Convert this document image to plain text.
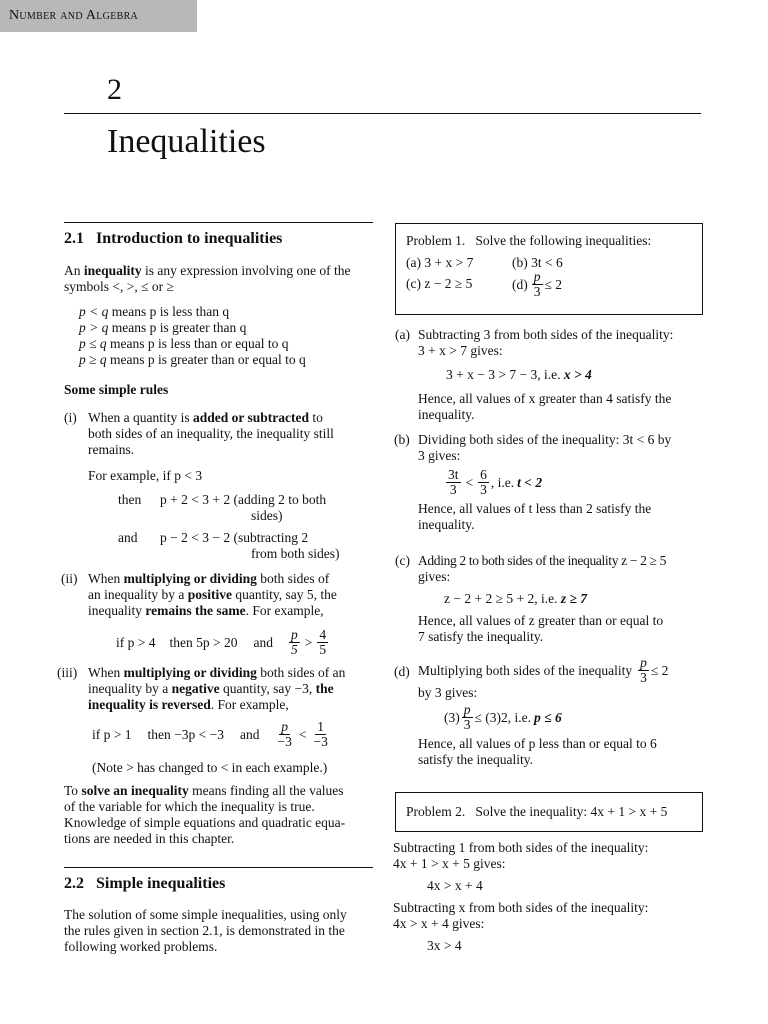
Number and Algebra
2
Inequalities
2.1 Introduction to inequalities

An inequality is any expression involving one of the

symbols <, >, ≤ or ≥

p < q

means p is less than q

p > q

means p is greater than q

p ≤ q

means p is less than or equal to q

p ≥ q

means p is greater than or equal to q
Some simple rules
(i) When a quantity is added or subtracted to

both sides of an inequality, the inequality still

remains.

For example, if p < 3
then p + 2 < 3 + 2 (adding 2 to both

sides)

and p − 2 < 3 − 2 (subtracting 2

from both sides)

(ii) When multiplying or dividing both sides of

an inequality by a positive quantity, say 5, the

inequality remains the same. For example,

if p > 4 then 5p > 20 and $\frac{p}{5} > \frac{4}{5}$
(iii) When multiplying or dividing both sides of an

inequality by a negative quantity, say −3, the

inequality is reversed. For example,

if p > 1 then −3p < −3 and $\frac{p}{-3} < \frac{1}{-3}$
(Note > has changed to < in each example.)

To solve an inequality means finding all the values

of the variable for which the inequality is true.

Knowledge of simple equations and quadratic equa-

tions are needed in this chapter.

2.2 Simple inequalities

The solution of some simple inequalities, using only

the rules given in section 2.1, is demonstrated in the

following worked problems.

Problem 1. Solve the following inequalities:
(a) 3 + x > 7	(b) 3t < 6
(c) z − 2 ≥ 5	$(d) \frac{p}{3} \le 2$
(a) Subtracting 3 from both sides of the inequality:

3 + x > 7 gives:

3 + x − 3 > 7 − 3, i.e. x > 4

Hence, all values of x greater than 4 satisfy the

inequality.

(b) Dividing both sides of the inequality: 3t < 6 by

3 gives:

$\frac{3t}{3} < \frac{6}{3}$ , i.e. t < 2

Hence, all values of t less than 2 satisfy the

inequality.

(c) Adding 2 to both sides of the inequality z − 2 ≥ 5

gives:

z − 2 + 2 ≥ 5 + 2, i.e. z ≥ 7

Hence, all values of z greater than or equal to

7 satisfy the inequality.

(d) Multiplying both sides of the inequality $\frac{p}{3} \le 2$

by 3 gives:

$(3) \frac{p}{3} \le (3)2$, i.e. p ≤ 6

Hence, all values of p less than or equal to 6

satisfy the inequality.

Problem 2. Solve the inequality: 4x + 1 > x + 5

Subtracting 1 from both sides of the inequality:

4x + 1 > x + 5 gives:

4x > x + 4

Subtracting x from both sides of the inequality:

4x > x + 4 gives:

3x > 4
